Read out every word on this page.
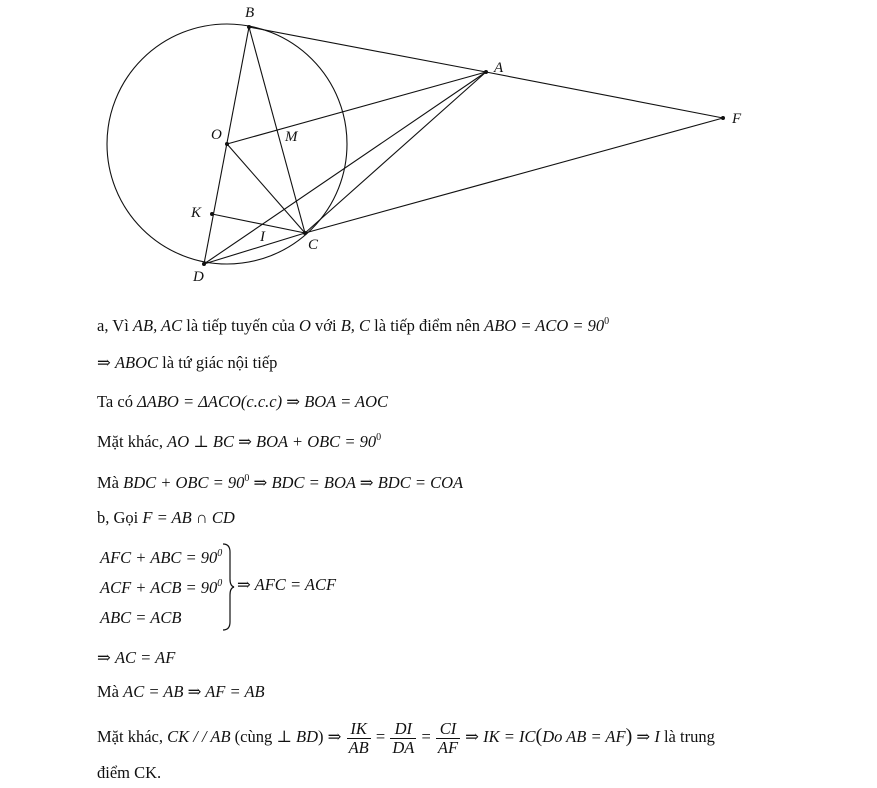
B
A
F
O	M
K
I	C
D
a, Vì AB, AC là tiếp tuyến của O với B, C là tiếp điểm nên ABO = ACO = $90^0$
⇒ ABOC là tứ giác nội tiếp
Ta có ΔABO = ΔACO(c.c.c) ⇒ BOA = AOC
Mặt khác, AO ⊥ BC ⇒ BOA + OBC = $90^0$
Mà BDC + OBC = $90^0$ ⇒ BDC = BOA ⇒ BDC = COA
b, Gọi F = AB ∩ CD
AFC + ABC = $90^0$
ACF + ACB = $90^0$
ABC = ACB
⇒ AFC = ACF
⇒ AC = AF
Mà AC = AB ⇒ AF = AB
Mặt khác, CK / / AB (cùng ⊥ BD) ⇒ $\frac{IK}{AB} = \frac{DI}{DA} = \frac{CI}{AF}$ ⇒ IK = IC(Do AB = AF) ⇒ I là trung
điểm CK.
